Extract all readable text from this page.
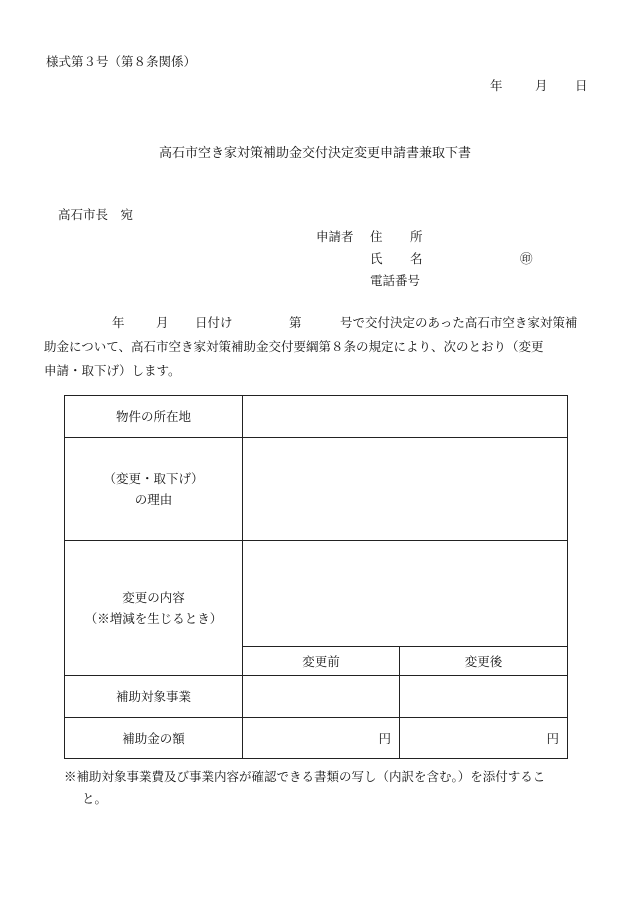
様式第３号（第８条関係）
年	月 日
高石市空き家対策補助金交付決定変更申請書兼取下書
高石市長　宛
申請者 住 所
氏 名	㊞
電話番号
年	月 日付け	第	号で交付決定のあった高石市空き家対策補
助金について、高石市空き家対策補助金交付要綱第８条の規定により、次のとおり（変更
申請・取下げ）します。
物件の所在地		

（変更・取下げ）
の理由		

変更の内容
（※増減を生じるとき）		

	変更前	変更後
補助対象事業		
補助金の額	円	円
※補助対象事業費及び事業内容が確認できる書類の写し（内訳を含む。）を添付するこ
と。
